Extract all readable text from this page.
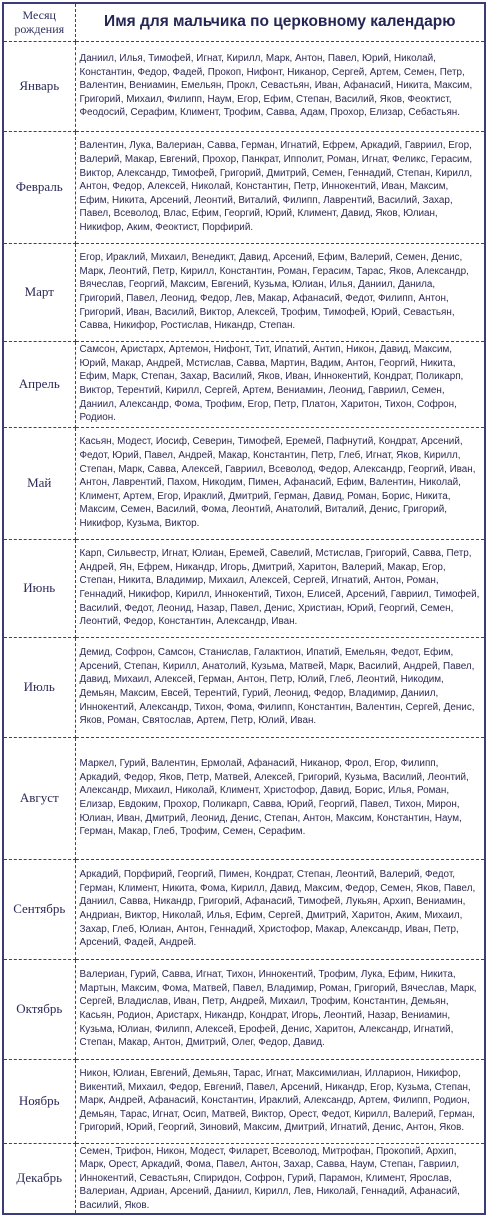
Месяц рождения	Имя для мальчика по церковному календарю
Январь	Даниил, Илья, Тимофей, Игнат, Кирилл, Марк, Антон, Павел, Юрий, Николай, Константин, Федор, Фадей, Прокоп, Нифонт, Никанор, Сергей, Артем, Семен, Петр, Валентин, Вениамин, Емельян, Прокл, Севастьян, Иван, Афанасий, Никита, Максим, Григорий, Михаил, Филипп, Наум, Егор, Ефим, Степан, Василий, Яков, Феоктист, Феодосий, Серафим, Климент, Трофим, Савва, Адам, Прохор, Елизар, Себастьян.
Февраль	Валентин, Лука, Валериан, Савва, Герман, Игнатий, Ефрем, Аркадий, Гавриил, Егор, Валерий, Макар, Евгений, Прохор, Панкрат, Ипполит, Роман, Игнат, Феликс, Герасим, Виктор, Александр, Тимофей, Григорий, Дмитрий, Семен, Геннадий, Степан, Кирилл, Антон, Федор, Алексей, Николай, Константин, Петр, Иннокентий, Иван, Максим, Ефим, Никита, Арсений, Леонтий, Виталий, Филипп, Лаврентий, Василий, Захар, Павел, Всеволод, Влас, Ефим, Георгий, Юрий, Климент, Давид, Яков, Юлиан, Никифор, Аким, Феоктист, Порфирий.
Март	Егор, Ираклий, Михаил, Венедикт, Давид, Арсений, Ефим, Валерий, Семен, Денис, Марк, Леонтий, Петр, Кирилл, Константин, Роман, Герасим, Тарас, Яков, Александр, Вячеслав, Георгий, Максим, Евгений, Кузьма, Юлиан, Илья, Даниил, Данила, Григорий, Павел, Леонид, Федор, Лев, Макар, Афанасий, Федот, Филипп, Антон, Григорий, Иван, Василий, Виктор, Алексей, Трофим, Тимофей, Юрий, Севастьян, Савва, Никифор, Ростислав, Никандр, Степан.
Апрель	Самсон, Аристарх, Артемон, Нифонт, Тит, Ипатий, Антип, Никон, Давид, Максим, Юрий, Макар, Андрей, Мстислав, Савва, Мартин, Вадим, Антон, Георгий, Никита, Ефим, Марк, Степан, Захар, Василий, Яков, Иван, Иннокентий, Кондрат, Поликарп, Виктор, Терентий, Кирилл, Сергей, Артем, Вениамин, Леонид, Гавриил, Семен, Даниил, Александр, Фома, Трофим, Егор, Петр, Платон, Харитон, Тихон, Софрон, Родион.
Май	Касьян, Модест, Иосиф, Северин, Тимофей, Еремей, Пафнутий, Кондрат, Арсений, Федот, Юрий, Павел, Андрей, Макар, Константин, Петр, Глеб, Игнат, Яков, Кирилл, Степан, Марк, Савва, Алексей, Гавриил, Всеволод, Федор, Александр, Георгий, Иван, Антон, Лаврентий, Пахом, Никодим, Пимен, Афанасий, Ефим, Валентин, Николай, Климент, Артем, Егор, Ираклий, Дмитрий, Герман, Давид, Роман, Борис, Никита, Максим, Семен, Василий, Фома, Леонтий, Анатолий, Виталий, Денис, Григорий, Никифор, Кузьма, Виктор.
Июнь	Карп, Сильвестр, Игнат, Юлиан, Еремей, Савелий, Мстислав, Григорий, Савва, Петр, Андрей, Ян, Ефрем, Никандр, Игорь, Дмитрий, Харитон, Валерий, Макар, Егор, Степан, Никита, Владимир, Михаил, Алексей, Сергей, Игнатий, Антон, Роман, Геннадий, Никифор, Кирилл, Иннокентий, Тихон, Елисей, Арсений, Гавриил, Тимофей, Василий, Федот, Леонид, Назар, Павел, Денис, Христиан, Юрий, Георгий, Семен, Леонтий, Федор, Константин, Александр, Иван.
Июль	Демид, Софрон, Самсон, Станислав, Галактион, Ипатий, Емельян, Федот, Ефим, Арсений, Степан, Кирилл, Анатолий, Кузьма, Матвей, Марк, Василий, Андрей, Павел, Давид, Михаил, Алексей, Герман, Антон, Петр, Юлий, Глеб, Леонтий, Никодим, Демьян, Максим, Евсей, Терентий, Гурий, Леонид, Федор, Владимир, Даниил, Иннокентий, Александр, Тихон, Фома, Филипп, Константин, Валентин, Сергей, Денис, Яков, Роман, Святослав, Артем, Петр, Юлий, Иван.
Август	Маркел, Гурий, Валентин, Ермолай, Афанасий, Никанор, Фрол, Егор, Филипп, Аркадий, Федор, Яков, Петр, Матвей, Алексей, Григорий, Кузьма, Василий, Леонтий, Александр, Михаил, Николай, Климент, Христофор, Давид, Борис, Илья, Роман, Елизар, Евдоким, Прохор, Поликарп, Савва, Юрий, Георгий, Павел, Тихон, Мирон, Юлиан, Иван, Дмитрий, Леонид, Денис, Степан, Антон, Максим, Константин, Наум, Герман, Макар, Глеб, Трофим, Семен, Серафим.
Сентябрь	Аркадий, Порфирий, Георгий, Пимен, Кондрат, Степан, Леонтий, Валерий, Федот, Герман, Климент, Никита, Фома, Кирилл, Давид, Максим, Федор, Семен, Яков, Павел, Даниил, Савва, Никандр, Григорий, Афанасий, Тимофей, Лукьян, Архип, Вениамин, Андриан, Виктор, Николай, Илья, Ефим, Сергей, Дмитрий, Харитон, Аким, Михаил, Захар, Глеб, Юлиан, Антон, Геннадий, Христофор, Макар, Александр, Иван, Петр, Арсений, Фадей, Андрей.
Октябрь	Валериан, Гурий, Савва, Игнат, Тихон, Иннокентий, Трофим, Лука, Ефим, Никита, Мартын, Максим, Фома, Матвей, Павел, Владимир, Роман, Григорий, Вячеслав, Марк, Сергей, Владислав, Иван, Петр, Андрей, Михаил, Трофим, Константин, Демьян, Касьян, Родион, Аристарх, Никандр, Кондрат, Игорь, Леонтий, Назар, Вениамин, Кузьма, Юлиан, Филипп, Алексей, Ерофей, Денис, Харитон, Александр, Игнатий, Степан, Макар, Антон, Дмитрий, Олег, Федор, Давид.
Ноябрь	Никон, Юлиан, Евгений, Демьян, Тарас, Игнат, Максимилиан, Илларион, Никифор, Викентий, Михаил, Федор, Евгений, Павел, Арсений, Никандр, Егор, Кузьма, Степан, Марк, Андрей, Афанасий, Константин, Ираклий, Александр, Артем, Филипп, Родион, Демьян, Тарас, Игнат, Осип, Матвей, Виктор, Орест, Федот, Кирилл, Валерий, Герман, Григорий, Юрий, Георгий, Зиновий, Максим, Дмитрий, Игнатий, Денис, Антон, Яков.
Декабрь	Семен, Трифон, Никон, Модест, Филарет, Всеволод, Митрофан, Прокопий, Архип, Марк, Орест, Аркадий, Фома, Павел, Антон, Захар, Савва, Наум, Степан, Гавриил, Иннокентий, Севастьян, Спиридон, Софрон, Гурий, Парамон, Климент, Ярослав, Валериан, Адриан, Арсений, Даниил, Кирилл, Лев, Николай, Геннадий, Афанасий, Василий, Яков.
